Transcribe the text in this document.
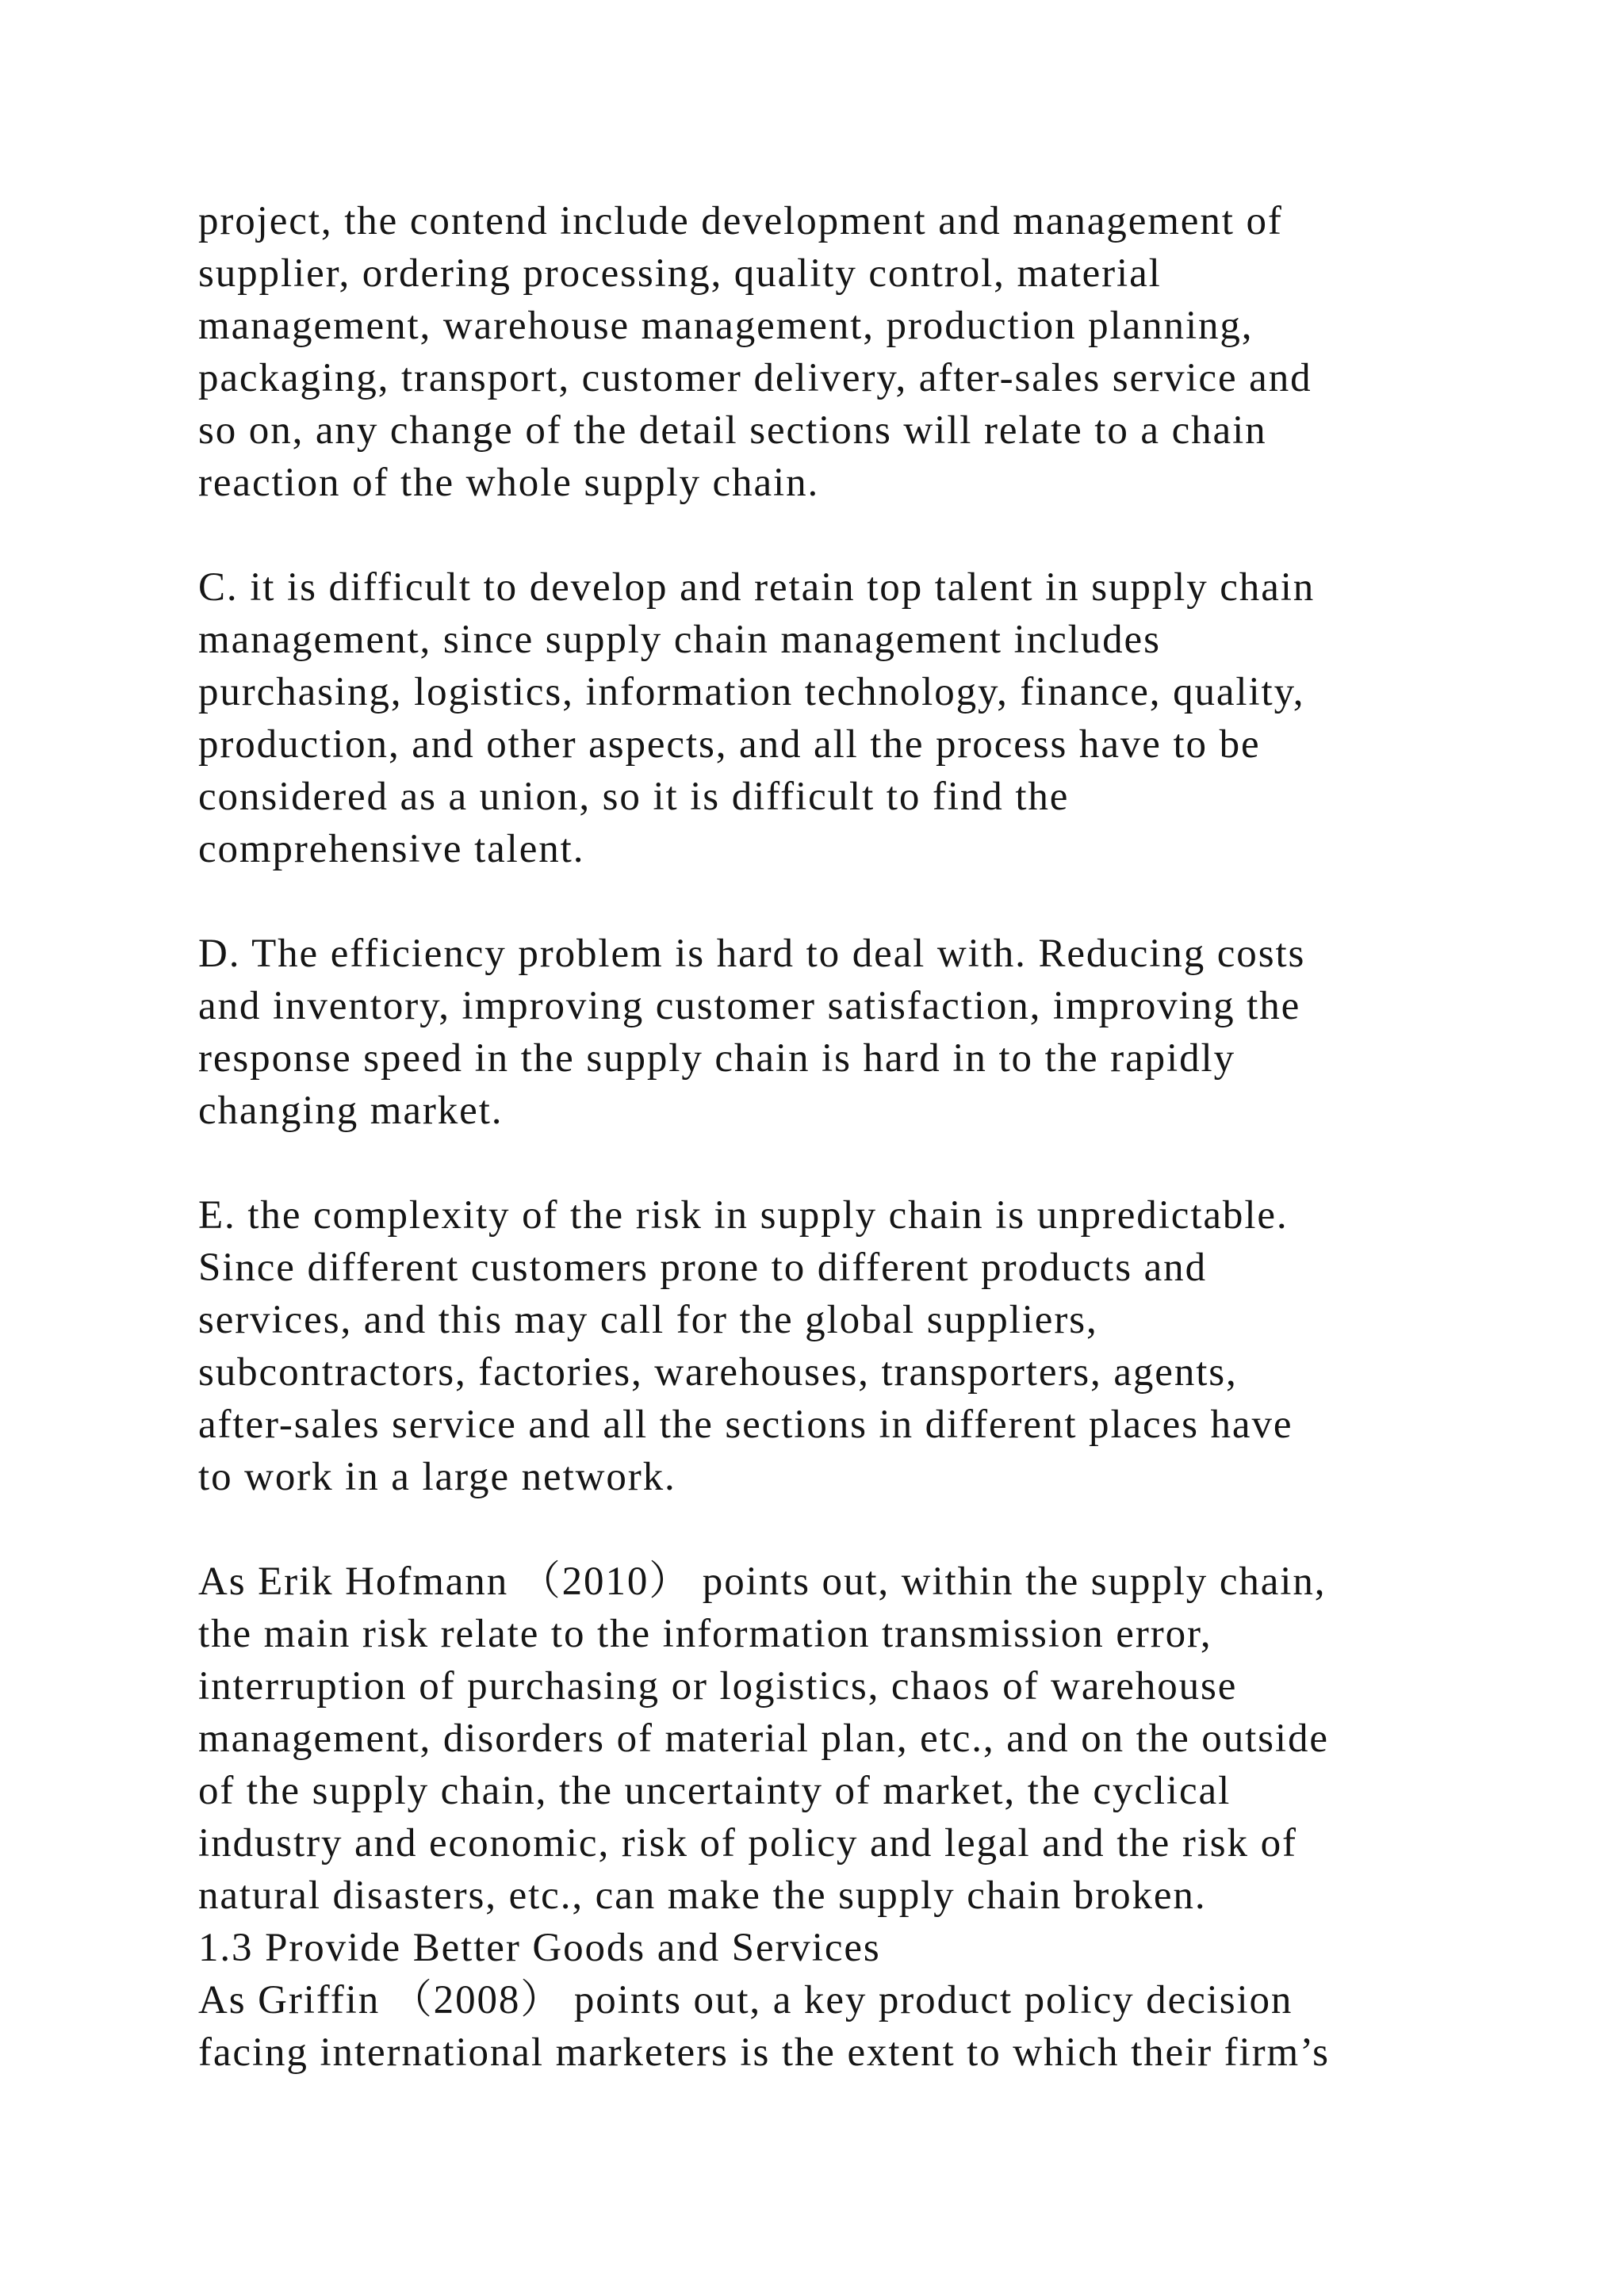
project, the contend include development and management of
supplier, ordering processing, quality control, material
management, warehouse management, production planning,
packaging, transport, customer delivery, after-sales service and
so on, any change of the detail sections will relate to a chain
reaction of the whole supply chain.
C. it is difficult to develop and retain top talent in supply chain
management, since supply chain management includes
purchasing, logistics, information technology, finance, quality,
production, and other aspects, and all the process have to be
considered as a union, so it is difficult to find the
comprehensive talent.
D. The efficiency problem is hard to deal with. Reducing costs
and inventory, improving customer satisfaction, improving the
response speed in the supply chain is hard in to the rapidly
changing market.
E. the complexity of the risk in supply chain is unpredictable.
Since different customers prone to different products and
services, and this may call for the global suppliers,
subcontractors, factories, warehouses, transporters, agents,
after-sales service and all the sections in different places have
to work in a large network.
As Erik Hofmann （2010） points out, within the supply chain,
the main risk relate to the information transmission error,
interruption of purchasing or logistics, chaos of warehouse
management, disorders of material plan, etc., and on the outside
of the supply chain, the uncertainty of market, the cyclical
industry and economic, risk of policy and legal and the risk of
natural disasters, etc., can make the supply chain broken.
1.3 Provide Better Goods and Services
As Griffin （2008） points out, a key product policy decision
facing international marketers is the extent to which their firm’s
